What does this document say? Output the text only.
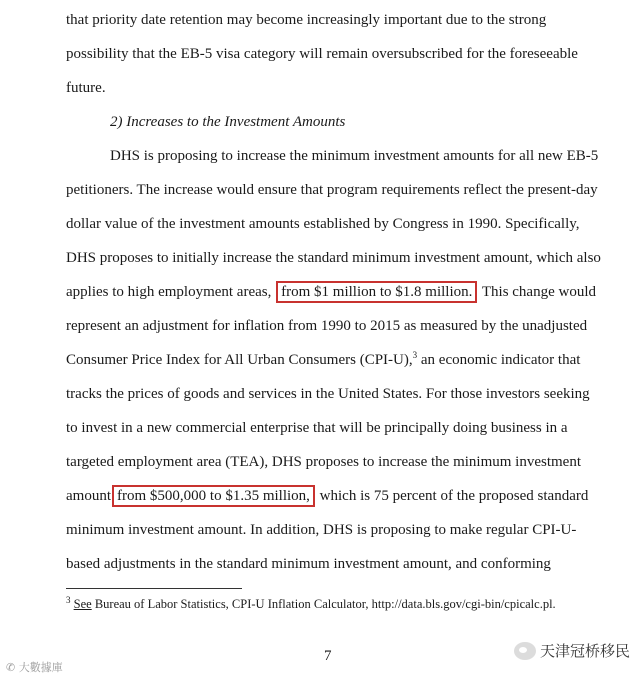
that priority date retention may become increasingly important due to the strong
possibility that the EB-5 visa category will remain oversubscribed for the foreseeable
future.
2) Increases to the Investment Amounts
DHS is proposing to increase the minimum investment amounts for all new EB-5
petitioners. The increase would ensure that program requirements reflect the present-day
dollar value of the investment amounts established by Congress in 1990. Specifically,
DHS proposes to initially increase the standard minimum investment amount, which also
applies to high employment areas, from $1 million to $1.8 million. This change would
represent an adjustment for inflation from 1990 to 2015 as measured by the unadjusted
Consumer Price Index for All Urban Consumers (CPI-U),$^3$ an economic indicator that
tracks the prices of goods and services in the United States. For those investors seeking
to invest in a new commercial enterprise that will be principally doing business in a
targeted employment area (TEA), DHS proposes to increase the minimum investment
amount from $500,000 to $1.35 million, which is 75 percent of the proposed standard
minimum investment amount. In addition, DHS is proposing to make regular CPI-U-
based adjustments in the standard minimum investment amount, and conforming
$^3$ See Bureau of Labor Statistics, CPI-U Inflation Calculator, http://data.bls.gov/cgi-bin/cpicalc.pl.
7
✆ 大數據庫
天津冠桥移民
